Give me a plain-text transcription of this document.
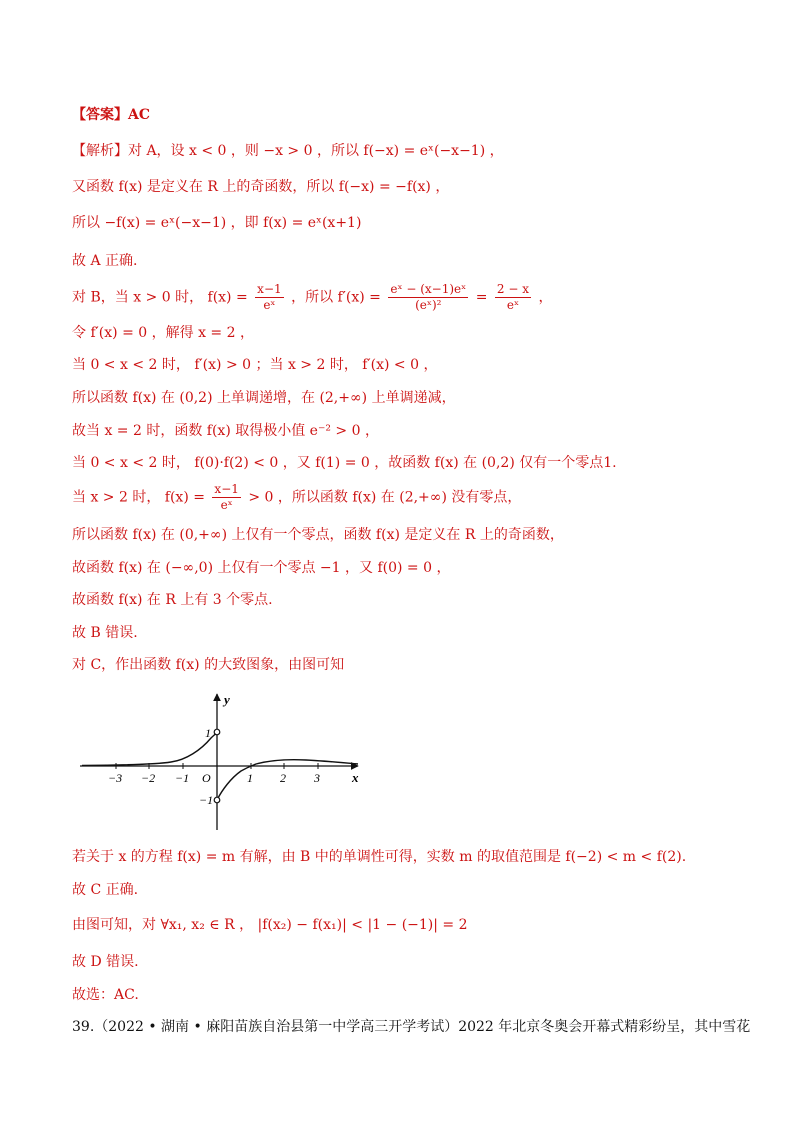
【答案】AC
【解析】对 A，设 x < 0 ，则 −x > 0 ，所以 f(−x) = eˣ(−x−1) ，
又函数 f(x) 是定义在 R 上的奇函数，所以 f(−x) = −f(x) ，
所以 −f(x) = eˣ(−x−1) ，即 f(x) = eˣ(x+1)
故 A 正确.
对 B，当 x > 0 时， $f(x) = \frac{x-1}{\text{eˣ}}$ ，所以 $f'(x) = \frac{\text{eˣ − (x−1)eˣ}}{\text{(eˣ)²}} = \frac{2 - x}{\text{eˣ}}$ ，
令 f′(x) = 0 ，解得 x = 2 ，
当 0 < x < 2 时， f′(x) > 0 ；当 x > 2 时， f′(x) < 0 ，
所以函数 f(x) 在 (0,2) 上单调递增，在 (2,+∞) 上单调递减，
故当 x = 2 时，函数 f(x) 取得极小值 e⁻² > 0 ，
当 0 < x < 2 时， f(0)·f(2) < 0 ，又 f(1) = 0 ，故函数 f(x) 在 (0,2) 仅有一个零点1.
当 x > 2 时， $f(x) = \frac{x-1}{\text{eˣ}} > 0$ ，所以函数 f(x) 在 (2,+∞) 没有零点，
所以函数 f(x) 在 (0,+∞) 上仅有一个零点，函数 f(x) 是定义在 R 上的奇函数，
故函数 f(x) 在 (−∞,0) 上仅有一个零点 −1 ，又 f(0) = 0 ，
故函数 f(x) 在 R 上有 3 个零点.
故 B 错误.
对 C，作出函数 f(x) 的大致图象，由图可知
y
x
O
−3 −2 −1	1 2 3
1
−1
若关于 x 的方程 f(x) = m 有解，由 B 中的单调性可得，实数 m 的取值范围是 f(−2) < m < f(2).
故 C 正确.
由图可知，对 ∀x₁, x₂ ∈ R ， |f(x₂) − f(x₁)| < |1 − (−1)| = 2
故 D 错误.
故选：AC.
39.（2022 • 湖南 • 麻阳苗族自治县第一中学高三开学考试）2022 年北京冬奥会开幕式精彩纷呈，其中雪花
